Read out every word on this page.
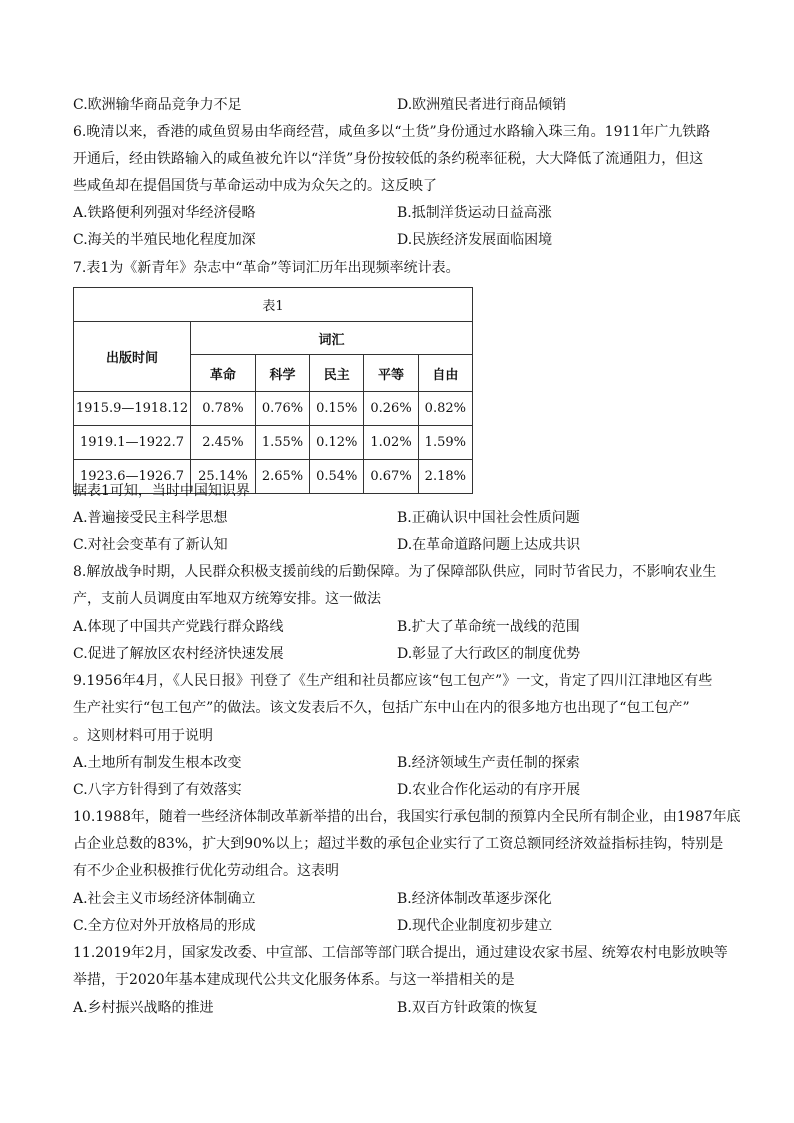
C.欧洲输华商品竞争力不足	D.欧洲殖民者进行商品倾销
6.晚清以来，香港的咸鱼贸易由华商经营，咸鱼多以“土货”身份通过水路输入珠三角。1911年广九铁路
开通后，经由铁路输入的咸鱼被允许以“洋货”身份按较低的条约税率征税，大大降低了流通阻力，但这
些咸鱼却在提倡国货与革命运动中成为众矢之的。这反映了
A.铁路便利列强对华经济侵略	B.抵制洋货运动日益高涨
C.海关的半殖民地化程度加深	D.民族经济发展面临困境
7.表1为《新青年》杂志中“革命”等词汇历年出现频率统计表。
表1					
出版时间	词汇				
	革命	科学	民主	平等	自由
1915.9—1918.12	0.78%	0.76%	0.15%	0.26%	0.82%
1919.1—1922.7	2.45%	1.55%	0.12%	1.02%	1.59%
1923.6—1926.7	25.14%	2.65%	0.54%	0.67%	2.18%
据表1可知，当时中国知识界
A.普遍接受民主科学思想	B.正确认识中国社会性质问题
C.对社会变革有了新认知	D.在革命道路问题上达成共识
8.解放战争时期，人民群众积极支援前线的后勤保障。为了保障部队供应，同时节省民力，不影响农业生
产，支前人员调度由军地双方统筹安排。这一做法
A.体现了中国共产党践行群众路线	B.扩大了革命统一战线的范围
C.促进了解放区农村经济快速发展	D.彰显了大行政区的制度优势
9.1956年4月，《人民日报》刊登了《生产组和社员都应该“包工包产”》一文，肯定了四川江津地区有些
生产社实行“包工包产”的做法。该文发表后不久，包括广东中山在内的很多地方也出现了“包工包产”
。这则材料可用于说明
A.土地所有制发生根本改变	B.经济领域生产责任制的探索
C.八字方针得到了有效落实	D.农业合作化运动的有序开展
10.1988年，随着一些经济体制改革新举措的出台，我国实行承包制的预算内全民所有制企业，由1987年底
占企业总数的83%，扩大到90%以上；超过半数的承包企业实行了工资总额同经济效益指标挂钩，特别是
有不少企业积极推行优化劳动组合。这表明
A.社会主义市场经济体制确立	B.经济体制改革逐步深化
C.全方位对外开放格局的形成	D.现代企业制度初步建立
11.2019年2月，国家发改委、中宣部、工信部等部门联合提出，通过建设农家书屋、统筹农村电影放映等
举措，于2020年基本建成现代公共文化服务体系。与这一举措相关的是
A.乡村振兴战略的推进	B.双百方针政策的恢复
